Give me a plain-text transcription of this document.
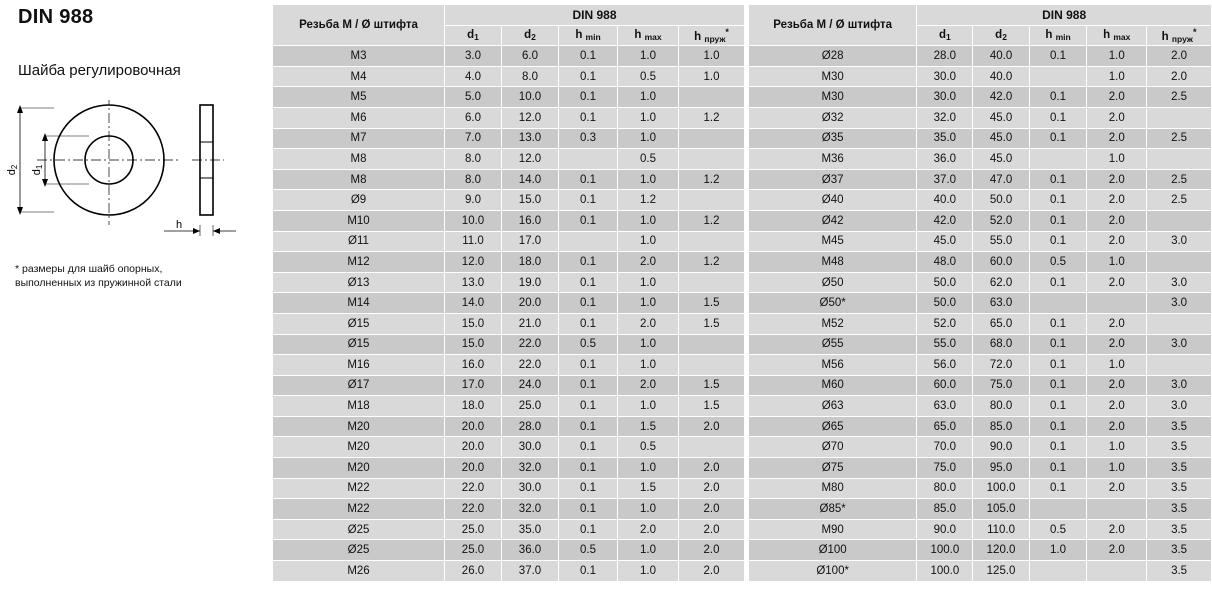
DIN 988
Шайба регулировочная
d2
d1
h
* размеры для шайб опорных,
выполненных из пружинной стали
Резьба M / Ø штифта	DIN 988				
	$d_1$	$d_2$	h min	h max	h пруж*
M3	3.0	6.0	0.1	1.0	1.0
M4	4.0	8.0	0.1	0.5	1.0
M5	5.0	10.0	0.1	1.0	
M6	6.0	12.0	0.1	1.0	1.2
M7	7.0	13.0	0.3	1.0	
M8	8.0	12.0		0.5	
M8	8.0	14.0	0.1	1.0	1.2
Ø9	9.0	15.0	0.1	1.2	
M10	10.0	16.0	0.1	1.0	1.2
Ø11	11.0	17.0		1.0	
M12	12.0	18.0	0.1	2.0	1.2
Ø13	13.0	19.0	0.1	1.0	
M14	14.0	20.0	0.1	1.0	1.5
Ø15	15.0	21.0	0.1	2.0	1.5
Ø15	15.0	22.0	0.5	1.0	
M16	16.0	22.0	0.1	1.0	
Ø17	17.0	24.0	0.1	2.0	1.5
M18	18.0	25.0	0.1	1.0	1.5
M20	20.0	28.0	0.1	1.5	2.0
M20	20.0	30.0	0.1	0.5	
M20	20.0	32.0	0.1	1.0	2.0
M22	22.0	30.0	0.1	1.5	2.0
M22	22.0	32.0	0.1	1.0	2.0
Ø25	25.0	35.0	0.1	2.0	2.0
Ø25	25.0	36.0	0.5	1.0	2.0
M26	26.0	37.0	0.1	1.0	2.0
Резьба M / Ø штифта	DIN 988				
	$d_1$	$d_2$	h min	h max	h пруж*
Ø28	28.0	40.0	0.1	1.0	2.0
M30	30.0	40.0		1.0	2.0
M30	30.0	42.0	0.1	2.0	2.5
Ø32	32.0	45.0	0.1	2.0	
Ø35	35.0	45.0	0.1	2.0	2.5
M36	36.0	45.0		1.0	
Ø37	37.0	47.0	0.1	2.0	2.5
Ø40	40.0	50.0	0.1	2.0	2.5
Ø42	42.0	52.0	0.1	2.0	
M45	45.0	55.0	0.1	2.0	3.0
M48	48.0	60.0	0.5	1.0	
Ø50	50.0	62.0	0.1	2.0	3.0
Ø50*	50.0	63.0			3.0
M52	52.0	65.0	0.1	2.0	
Ø55	55.0	68.0	0.1	2.0	3.0
M56	56.0	72.0	0.1	1.0	
M60	60.0	75.0	0.1	2.0	3.0
Ø63	63.0	80.0	0.1	2.0	3.0
Ø65	65.0	85.0	0.1	2.0	3.5
Ø70	70.0	90.0	0.1	1.0	3.5
Ø75	75.0	95.0	0.1	1.0	3.5
M80	80.0	100.0	0.1	2.0	3.5
Ø85*	85.0	105.0			3.5
M90	90.0	110.0	0.5	2.0	3.5
Ø100	100.0	120.0	1.0	2.0	3.5
Ø100*	100.0	125.0			3.5
